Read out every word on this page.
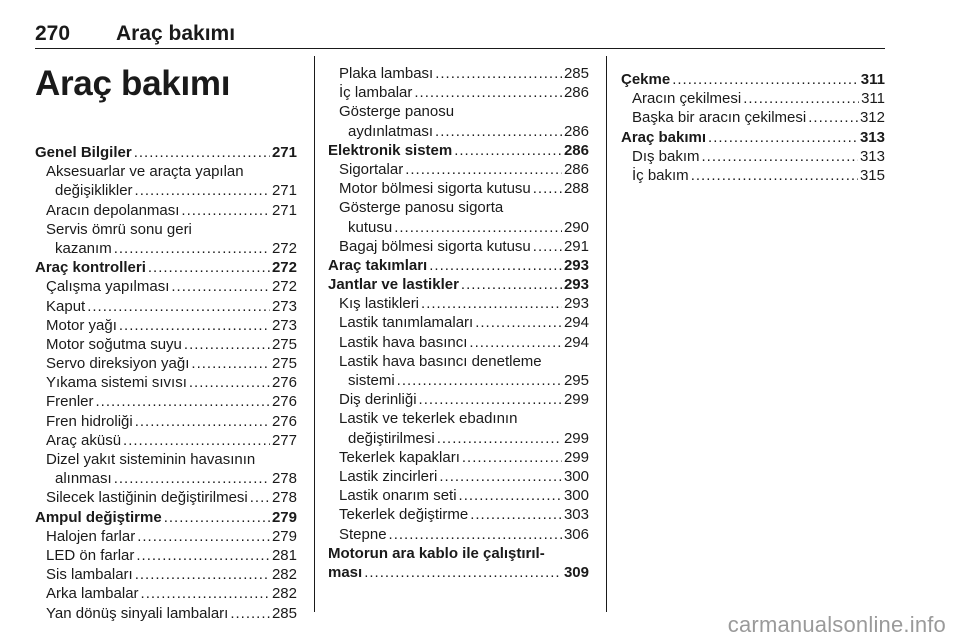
270 Araç bakımı
Araç bakımı
Genel Bilgiler .....	271
Aksesuarlar ve araçta yapılan
değişiklikler .....	271
Aracın depolanması .....	271
Servis ömrü sonu geri
kazanım .....	272
Araç kontrolleri .....	272
Çalışma yapılması .....	272
Kaput .....	273
Motor yağı .....	273
Motor soğutma suyu .....	275
Servo direksiyon yağı .....	275
Yıkama sistemi sıvısı .....	276
Frenler .....	276
Fren hidroliği .....	276
Araç aküsü .....	277
Dizel yakıt sisteminin havasının
alınması .....	278
Silecek lastiğinin değiştirilmesi ..... 278
Ampul değiştirme .....	279
Halojen farlar .....	279
LED ön farlar .....	281
Sis lambaları .....	282
Arka lambalar .....	282
Yan dönüş sinyali lambaları .....	285
Plaka lambası .....	285
İç lambalar .....	286
Gösterge panosu
aydınlatması .....	286
Elektronik sistem .....	286
Sigortalar .....	286
Motor bölmesi sigorta kutusu ..... 288
Gösterge panosu sigorta
kutusu .....	290
Bagaj bölmesi sigorta kutusu ..... 291
Araç takımları .....	293
Jantlar ve lastikler .....	293
Kış lastikleri .....	293
Lastik tanımlamaları .....	294
Lastik hava basıncı .....	294
Lastik hava basıncı denetleme
sistemi .....	295
Diş derinliği .....	299
Lastik ve tekerlek ebadının
değiştirilmesi .....	299
Tekerlek kapakları .....	299
Lastik zincirleri .....	300
Lastik onarım seti .....	300
Tekerlek değiştirme .....	303
Stepne .....	306
Motorun ara kablo ile çalıştırıl-
ması .....	309
Çekme .....	311
Aracın çekilmesi .....	311
Başka bir aracın çekilmesi .....	312
Araç bakımı .....	313
Dış bakım .....	313
İç bakım .....	315
carmanualsonline.info
